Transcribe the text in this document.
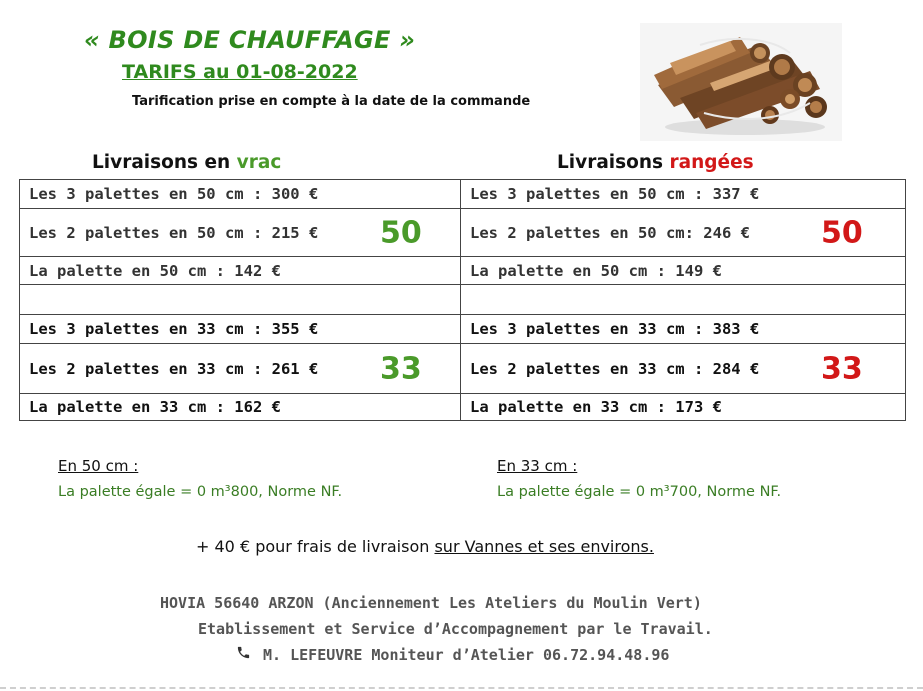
« BOIS DE CHAUFFAGE »
TARIFS au 01-08-2022
Tarification prise en compte à la date de la commande
Livraisons en vrac	Livraisons rangées
Les 3 palettes en 50 cm : 300 €	Les 3 palettes en 50 cm : 337 €
Les 2 palettes en 50 cm : 215 € 50	Les 2 palettes en 50 cm: 246 € 50

La palette en 50 cm : 142 €	La palette en 50 cm : 149 €

Les 3 palettes en 33 cm : 355 €	Les 3 palettes en 33 cm : 383 €
Les 2 palettes en 33 cm : 261 € 33	Les 2 palettes en 33 cm : 284 € 33

La palette en 33 cm : 162 €	La palette en 33 cm : 173 €
En 50 cm :
La palette égale = 0 m³800, Norme NF.
En 33 cm :
La palette égale = 0 m³700, Norme NF.
+ 40 € pour frais de livraison sur Vannes et ses environs.
HOVIA 56640 ARZON (Anciennement Les Ateliers du Moulin Vert)
Etablissement et Service d’Accompagnement par le Travail.
M. LEFEUVRE Moniteur d’Atelier 06.72.94.48.96
